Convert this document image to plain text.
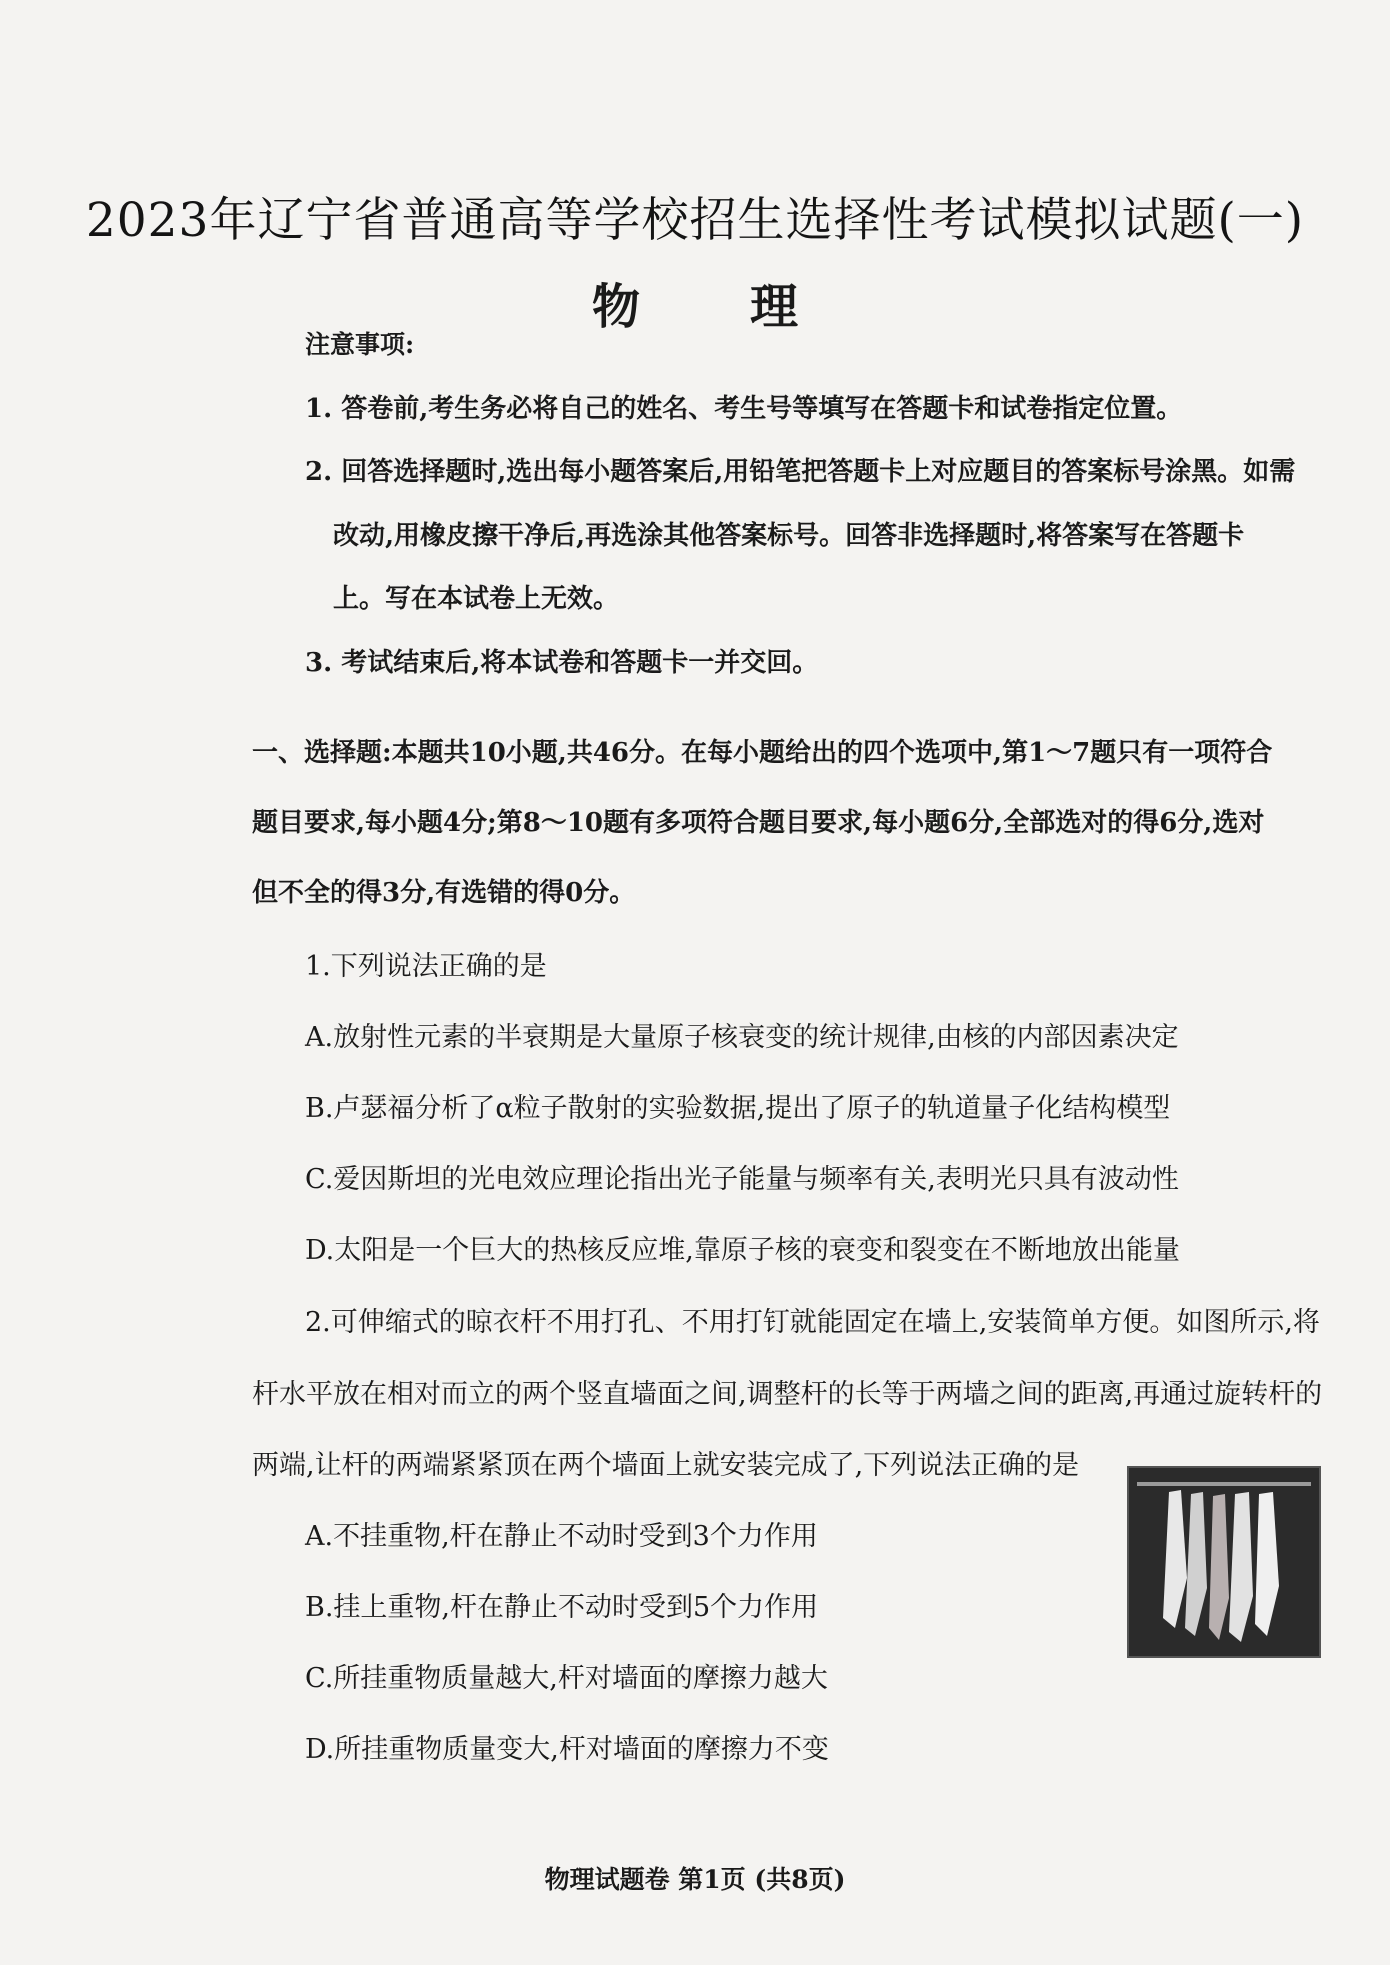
2023年辽宁省普通高等学校招生选择性考试模拟试题(一)
物理
注意事项:
1. 答卷前,考生务必将自己的姓名、考生号等填写在答题卡和试卷指定位置。
2. 回答选择题时,选出每小题答案后,用铅笔把答题卡上对应题目的答案标号涂黑。如需
改动,用橡皮擦干净后,再选涂其他答案标号。回答非选择题时,将答案写在答题卡
上。写在本试卷上无效。
3. 考试结束后,将本试卷和答题卡一并交回。
一、选择题:本题共10小题,共46分。在每小题给出的四个选项中,第1～7题只有一项符合
题目要求,每小题4分;第8～10题有多项符合题目要求,每小题6分,全部选对的得6分,选对
但不全的得3分,有选错的得0分。
1.下列说法正确的是
A.放射性元素的半衰期是大量原子核衰变的统计规律,由核的内部因素决定
B.卢瑟福分析了α粒子散射的实验数据,提出了原子的轨道量子化结构模型
C.爱因斯坦的光电效应理论指出光子能量与频率有关,表明光只具有波动性
D.太阳是一个巨大的热核反应堆,靠原子核的衰变和裂变在不断地放出能量
2.可伸缩式的晾衣杆不用打孔、不用打钉就能固定在墙上,安装简单方便。如图所示,将
杆水平放在相对而立的两个竖直墙面之间,调整杆的长等于两墙之间的距离,再通过旋转杆的
两端,让杆的两端紧紧顶在两个墙面上就安装完成了,下列说法正确的是
A.不挂重物,杆在静止不动时受到3个力作用
B.挂上重物,杆在静止不动时受到5个力作用
C.所挂重物质量越大,杆对墙面的摩擦力越大
D.所挂重物质量变大,杆对墙面的摩擦力不变
物理试题卷 第1页 (共8页)
